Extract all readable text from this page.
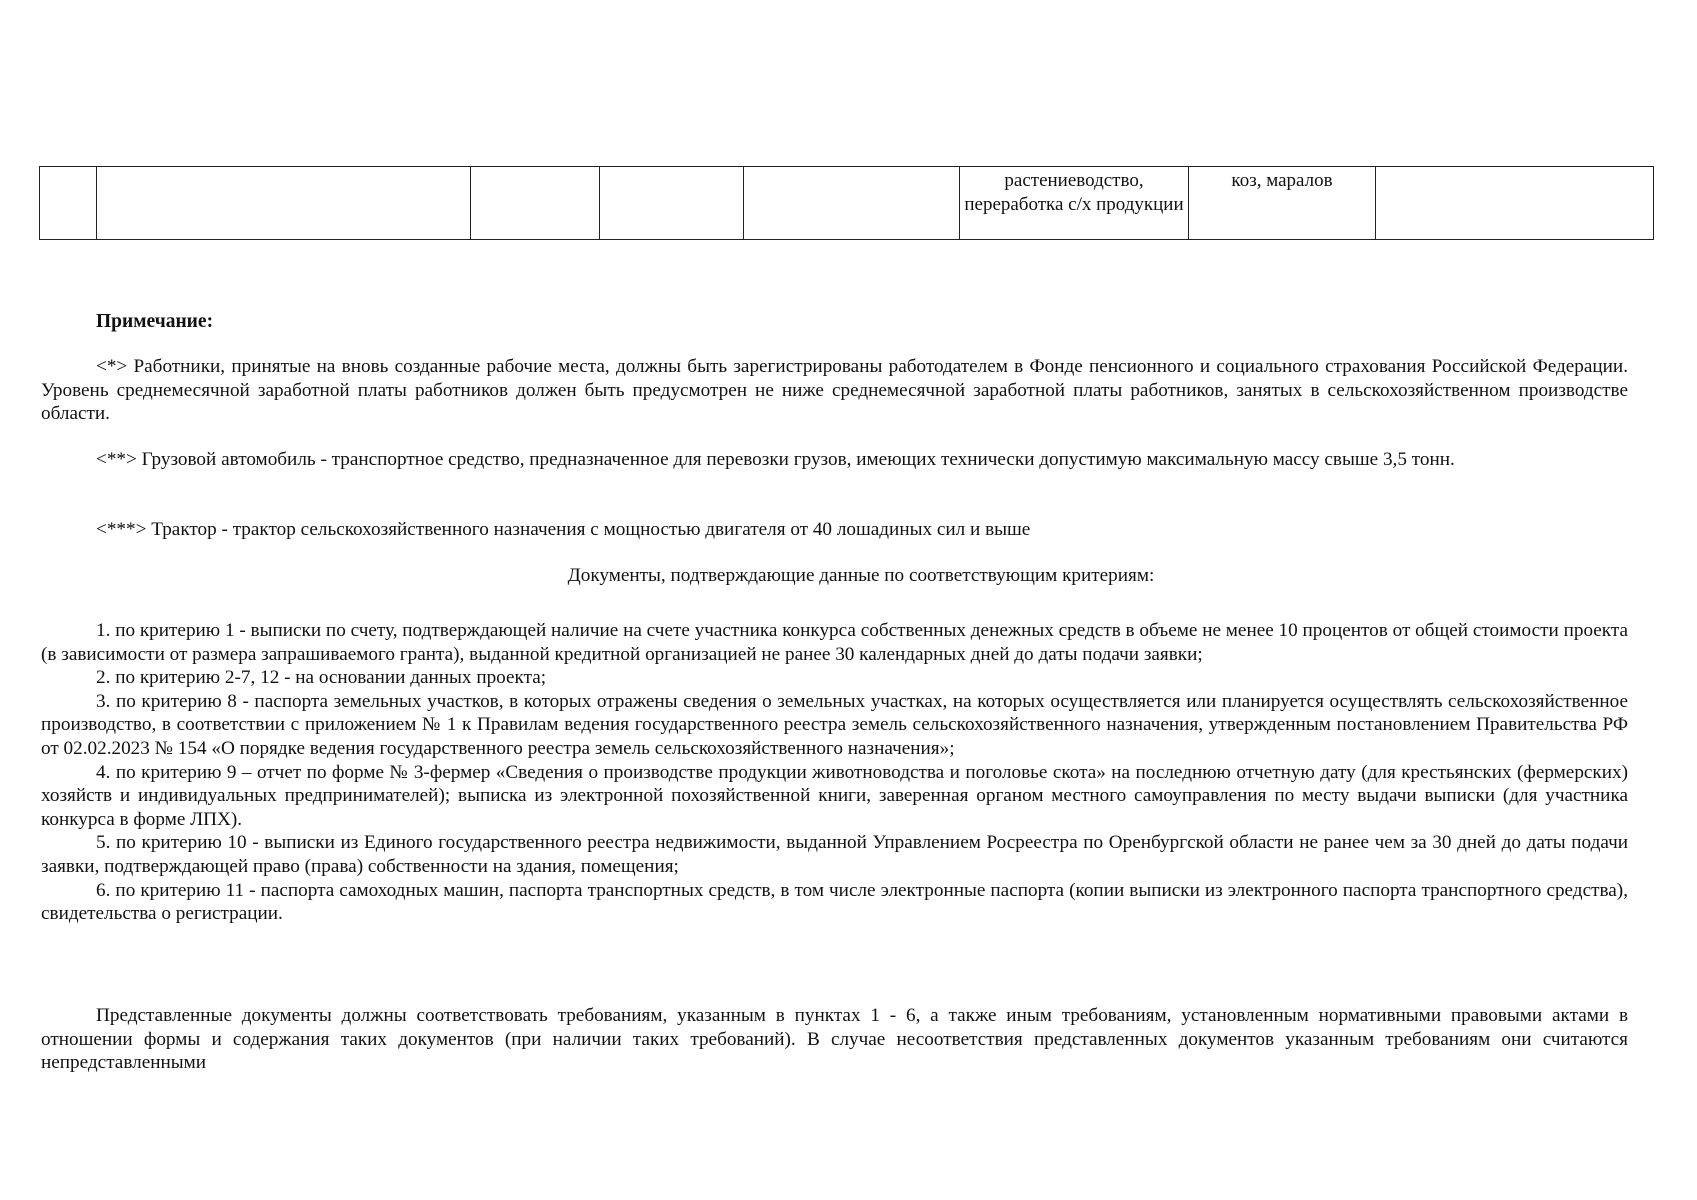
					растениеводство, переработка с/х продукции	коз, маралов	
Примечание:
<*> Работники, принятые на вновь созданные рабочие места, должны быть зарегистрированы работодателем в Фонде пенсионного и социального страхования Российской Федерации. Уровень среднемесячной заработной платы работников должен быть предусмотрен не ниже среднемесячной заработной платы работников, занятых в сельскохозяйственном производстве области.
<**> Грузовой автомобиль - транспортное средство, предназначенное для перевозки грузов, имеющих технически допустимую максимальную массу свыше 3,5 тонн.
<***> Трактор - трактор сельскохозяйственного назначения с мощностью двигателя от 40 лошадиных сил и выше
Документы, подтверждающие данные по соответствующим критериям:

1. по критерию 1 - выписки по счету, подтверждающей наличие на счете участника конкурса собственных денежных средств в объеме не менее 10 процентов от общей стоимости проекта (в зависимости от размера запрашиваемого гранта), выданной кредитной организацией не ранее 30 календарных дней до даты подачи заявки;

2. по критерию 2-7, 12 - на основании данных проекта;

3. по критерию 8 - паспорта земельных участков, в которых отражены сведения о земельных участках, на которых осуществляется или планируется осуществлять сельскохозяйственное производство, в соответствии с приложением № 1 к Правилам ведения государственного реестра земель сельскохозяйственного назначения, утвержденным постановлением Правительства РФ от 02.02.2023 № 154 «О порядке ведения государственного реестра земель сельскохозяйственного назначения»;

4. по критерию 9 – отчет по форме № 3-фермер «Сведения о производстве продукции животноводства и поголовье скота» на последнюю отчетную дату (для крестьянских (фермерских) хозяйств и индивидуальных предпринимателей); выписка из электронной похозяйственной книги, заверенная органом местного самоуправления по месту выдачи выписки (для участника конкурса в форме ЛПХ).

5. по критерию 10 - выписки из Единого государственного реестра недвижимости, выданной Управлением Росреестра по Оренбургской области не ранее чем за 30 дней до даты подачи заявки, подтверждающей право (права) собственности на здания, помещения;

6. по критерию 11 - паспорта самоходных машин, паспорта транспортных средств, в том числе электронные паспорта (копии выписки из электронного паспорта транспортного средства), свидетельства о регистрации.

Представленные документы должны соответствовать требованиям, указанным в пунктах 1 - 6, а также иным требованиям, установленным нормативными правовыми актами в отношении формы и содержания таких документов (при наличии таких требований). В случае несоответствия представленных документов указанным требованиям они считаются непредставленными
